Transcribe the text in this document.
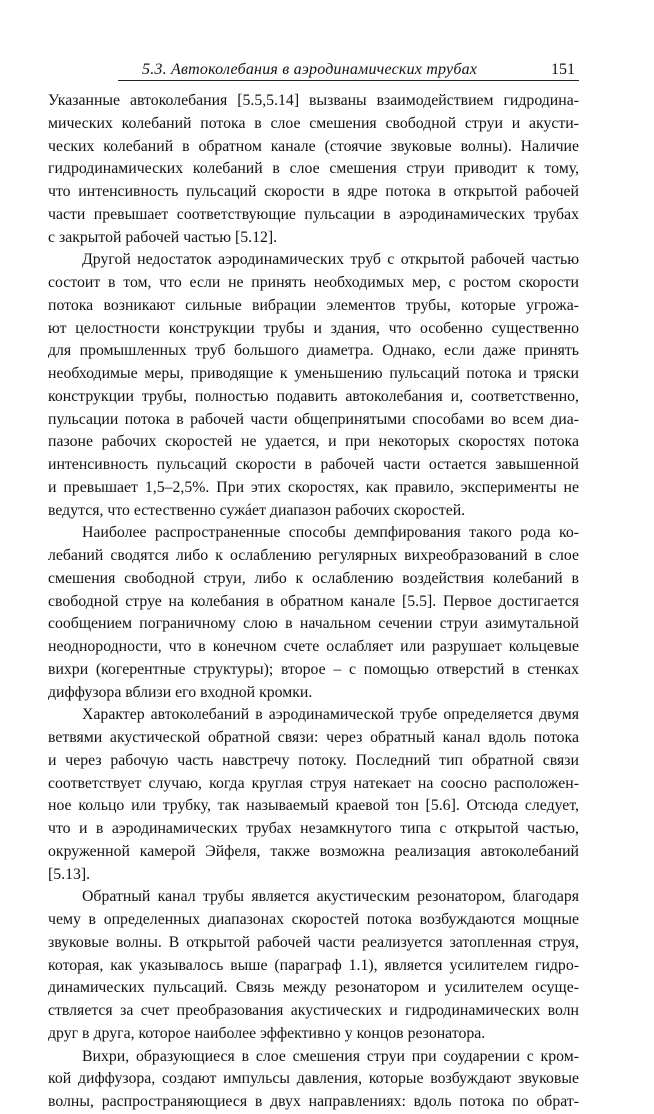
5.3. Автоколебания в аэродинамических трубах	151
Указанные автоколебания [5.5,5.14] вызваны взаимодействием гидродина-
мических колебаний потока в слое смешения свободной струи и акусти-
ческих колебаний в обратном канале (стоячие звуковые волны). Наличие
гидродинамических колебаний в слое смешения струи приводит к тому,
что интенсивность пульсаций скорости в ядре потока в открытой рабочей
части превышает соответствующие пульсации в аэродинамических трубах
с закрытой рабочей частью [5.12].
Другой недостаток аэродинамических труб с открытой рабочей частью
состоит в том, что если не принять необходимых мер, с ростом скорости
потока возникают сильные вибрации элементов трубы, которые угрожа-
ют целостности конструкции трубы и здания, что особенно существенно
для промышленных труб большого диаметра. Однако, если даже принять
необходимые меры, приводящие к уменьшению пульсаций потока и тряски
конструкции трубы, полностью подавить автоколебания и, соответственно,
пульсации потока в рабочей части общепринятыми способами во всем диа-
пазоне рабочих скоростей не удается, и при некоторых скоростях потока
интенсивность пульсаций скорости в рабочей части остается завышенной
и превышает 1,5–2,5%. При этих скоростях, как правило, эксперименты не
ведутся, что естественно сужáет диапазон рабочих скоростей.
Наиболее распространенные способы демпфирования такого рода ко-
лебаний сводятся либо к ослаблению регулярных вихреобразований в слое
смешения свободной струи, либо к ослаблению воздействия колебаний в
свободной струе на колебания в обратном канале [5.5]. Первое достигается
сообщением пограничному слою в начальном сечении струи азимутальной
неоднородности, что в конечном счете ослабляет или разрушает кольцевые
вихри (когерентные структуры); второе – с помощью отверстий в стенках
диффузора вблизи его входной кромки.
Характер автоколебаний в аэродинамической трубе определяется двумя
ветвями акустической обратной связи: через обратный канал вдоль потока
и через рабочую часть навстречу потоку. Последний тип обратной связи
соответствует случаю, когда круглая струя натекает на соосно расположен-
ное кольцо или трубку, так называемый краевой тон [5.6]. Отсюда следует,
что и в аэродинамических трубах незамкнутого типа с открытой частью,
окруженной камерой Эйфеля, также возможна реализация автоколебаний
[5.13].
Обратный канал трубы является акустическим резонатором, благодаря
чему в определенных диапазонах скоростей потока возбуждаются мощные
звуковые волны. В открытой рабочей части реализуется затопленная струя,
которая, как указывалось выше (параграф 1.1), является усилителем гидро-
динамических пульсаций. Связь между резонатором и усилителем осуще-
ствляется за счет преобразования акустических и гидродинамических волн
друг в друга, которое наиболее эффективно у концов резонатора.
Вихри, образующиеся в слое смешения струи при соударении с кром-
кой диффузора, создают импульсы давления, которые возбуждают звуковые
волны, распространяющиеся в двух направлениях: вдоль потока по обрат-
